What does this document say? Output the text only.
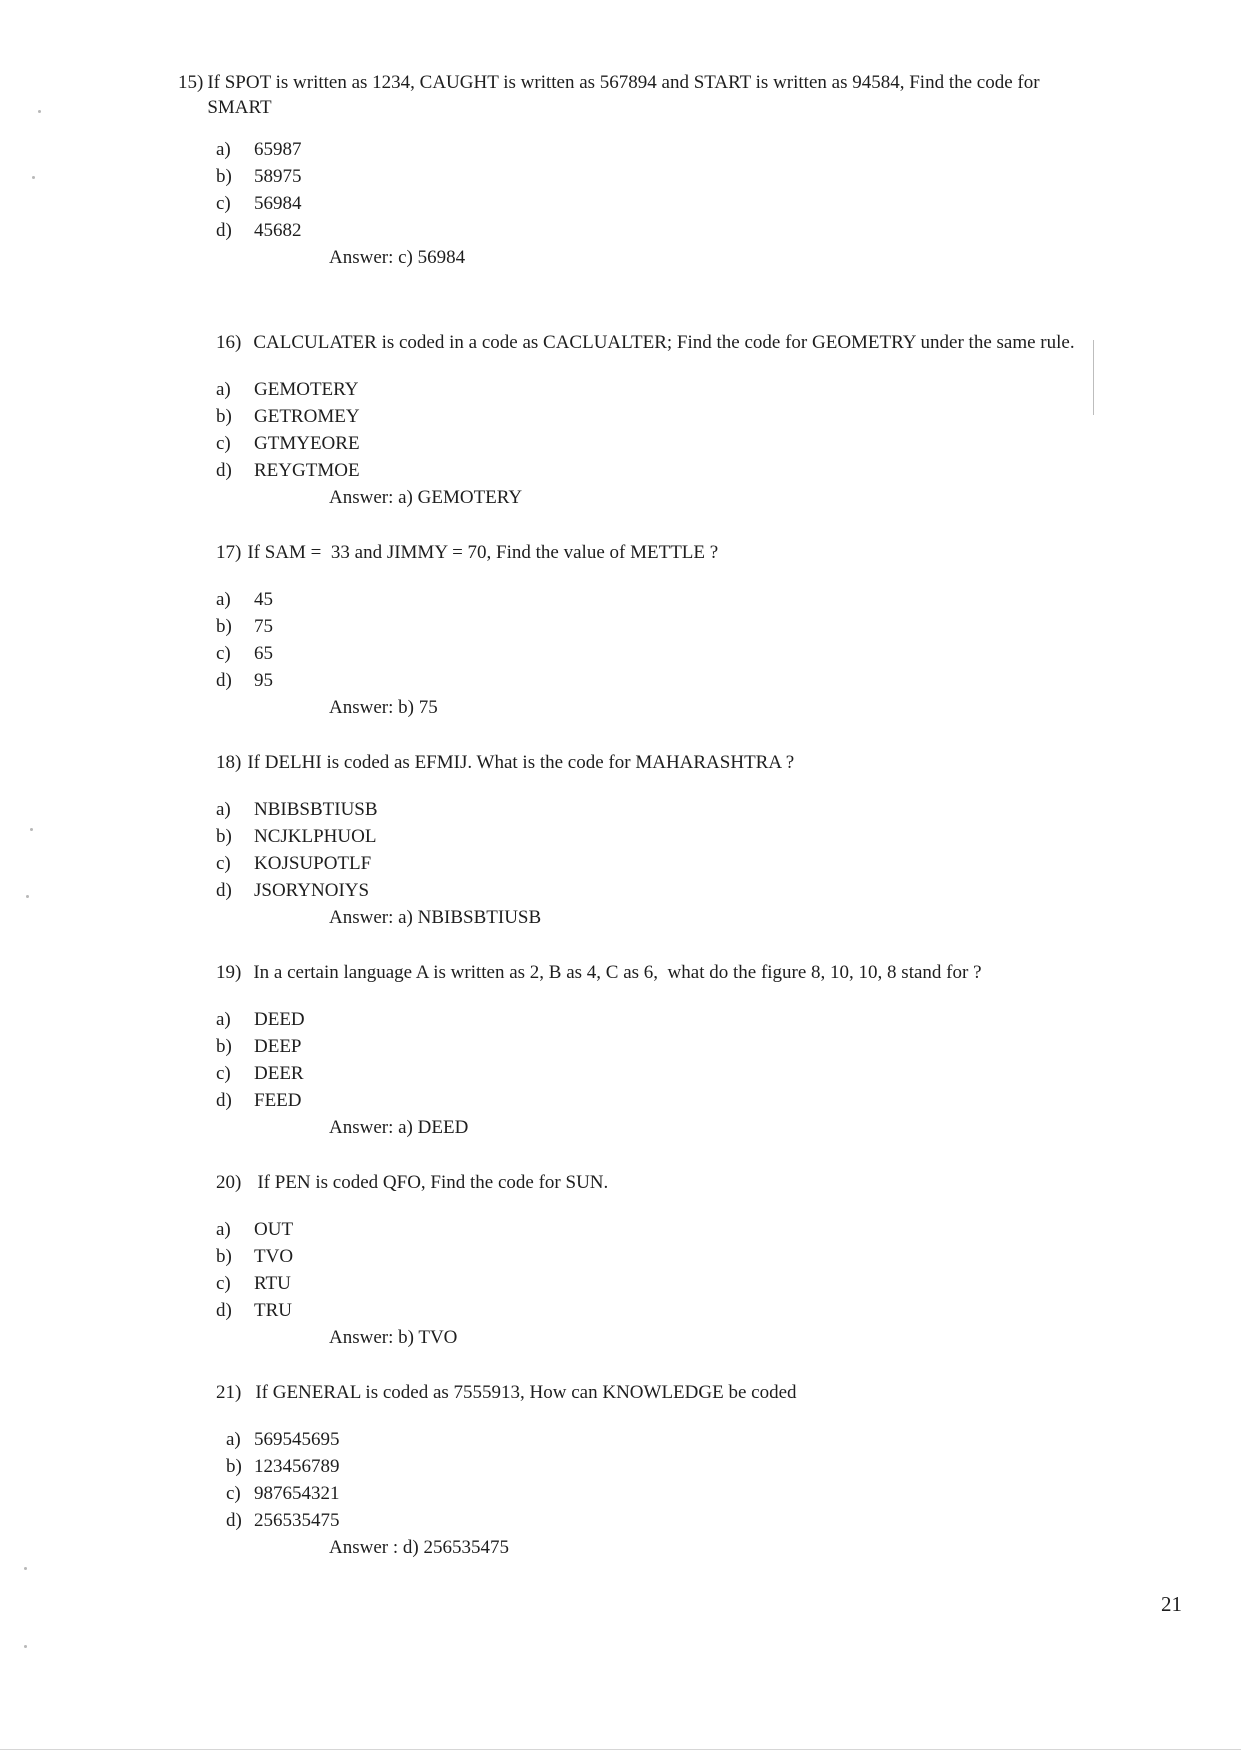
15) If SPOT is written as 1234, CAUGHT is written as 567894 and START is written as 94584, Find the code for SMART
a) 65987
b) 58975
c) 56984
d) 45682
Answer: c) 56984
16) CALCULATER is coded in a code as CACLUALTER; Find the code for GEOMETRY under the same rule.
a) GEMOTERY
b) GETROMEY
c) GTMYEORE
d) REYGTMOE
Answer: a) GEMOTERY
17) If SAM =  33 and JIMMY = 70, Find the value of METTLE ?
a) 45
b) 75
c) 65
d) 95
Answer: b) 75
18) If DELHI is coded as EFMIJ. What is the code for MAHARASHTRA ?
a) NBIBSBTIUSB
b) NCJKLPHUOL
c) KOJSUPOTLF
d) JSORYNOIYS
Answer: a) NBIBSBTIUSB
19) In a certain language A is written as 2, B as 4, C as 6,  what do the figure 8, 10, 10, 8 stand for ?
a) DEED
b) DEEP
c) DEER
d) FEED
Answer: a) DEED
20) If PEN is coded QFO, Find the code for SUN.
a) OUT
b) TVO
c) RTU
d) TRU
Answer: b) TVO
21) If GENERAL is coded as 7555913, How can KNOWLEDGE be coded
a) 569545695
b) 123456789
c) 987654321
d) 256535475
Answer : d) 256535475
21
